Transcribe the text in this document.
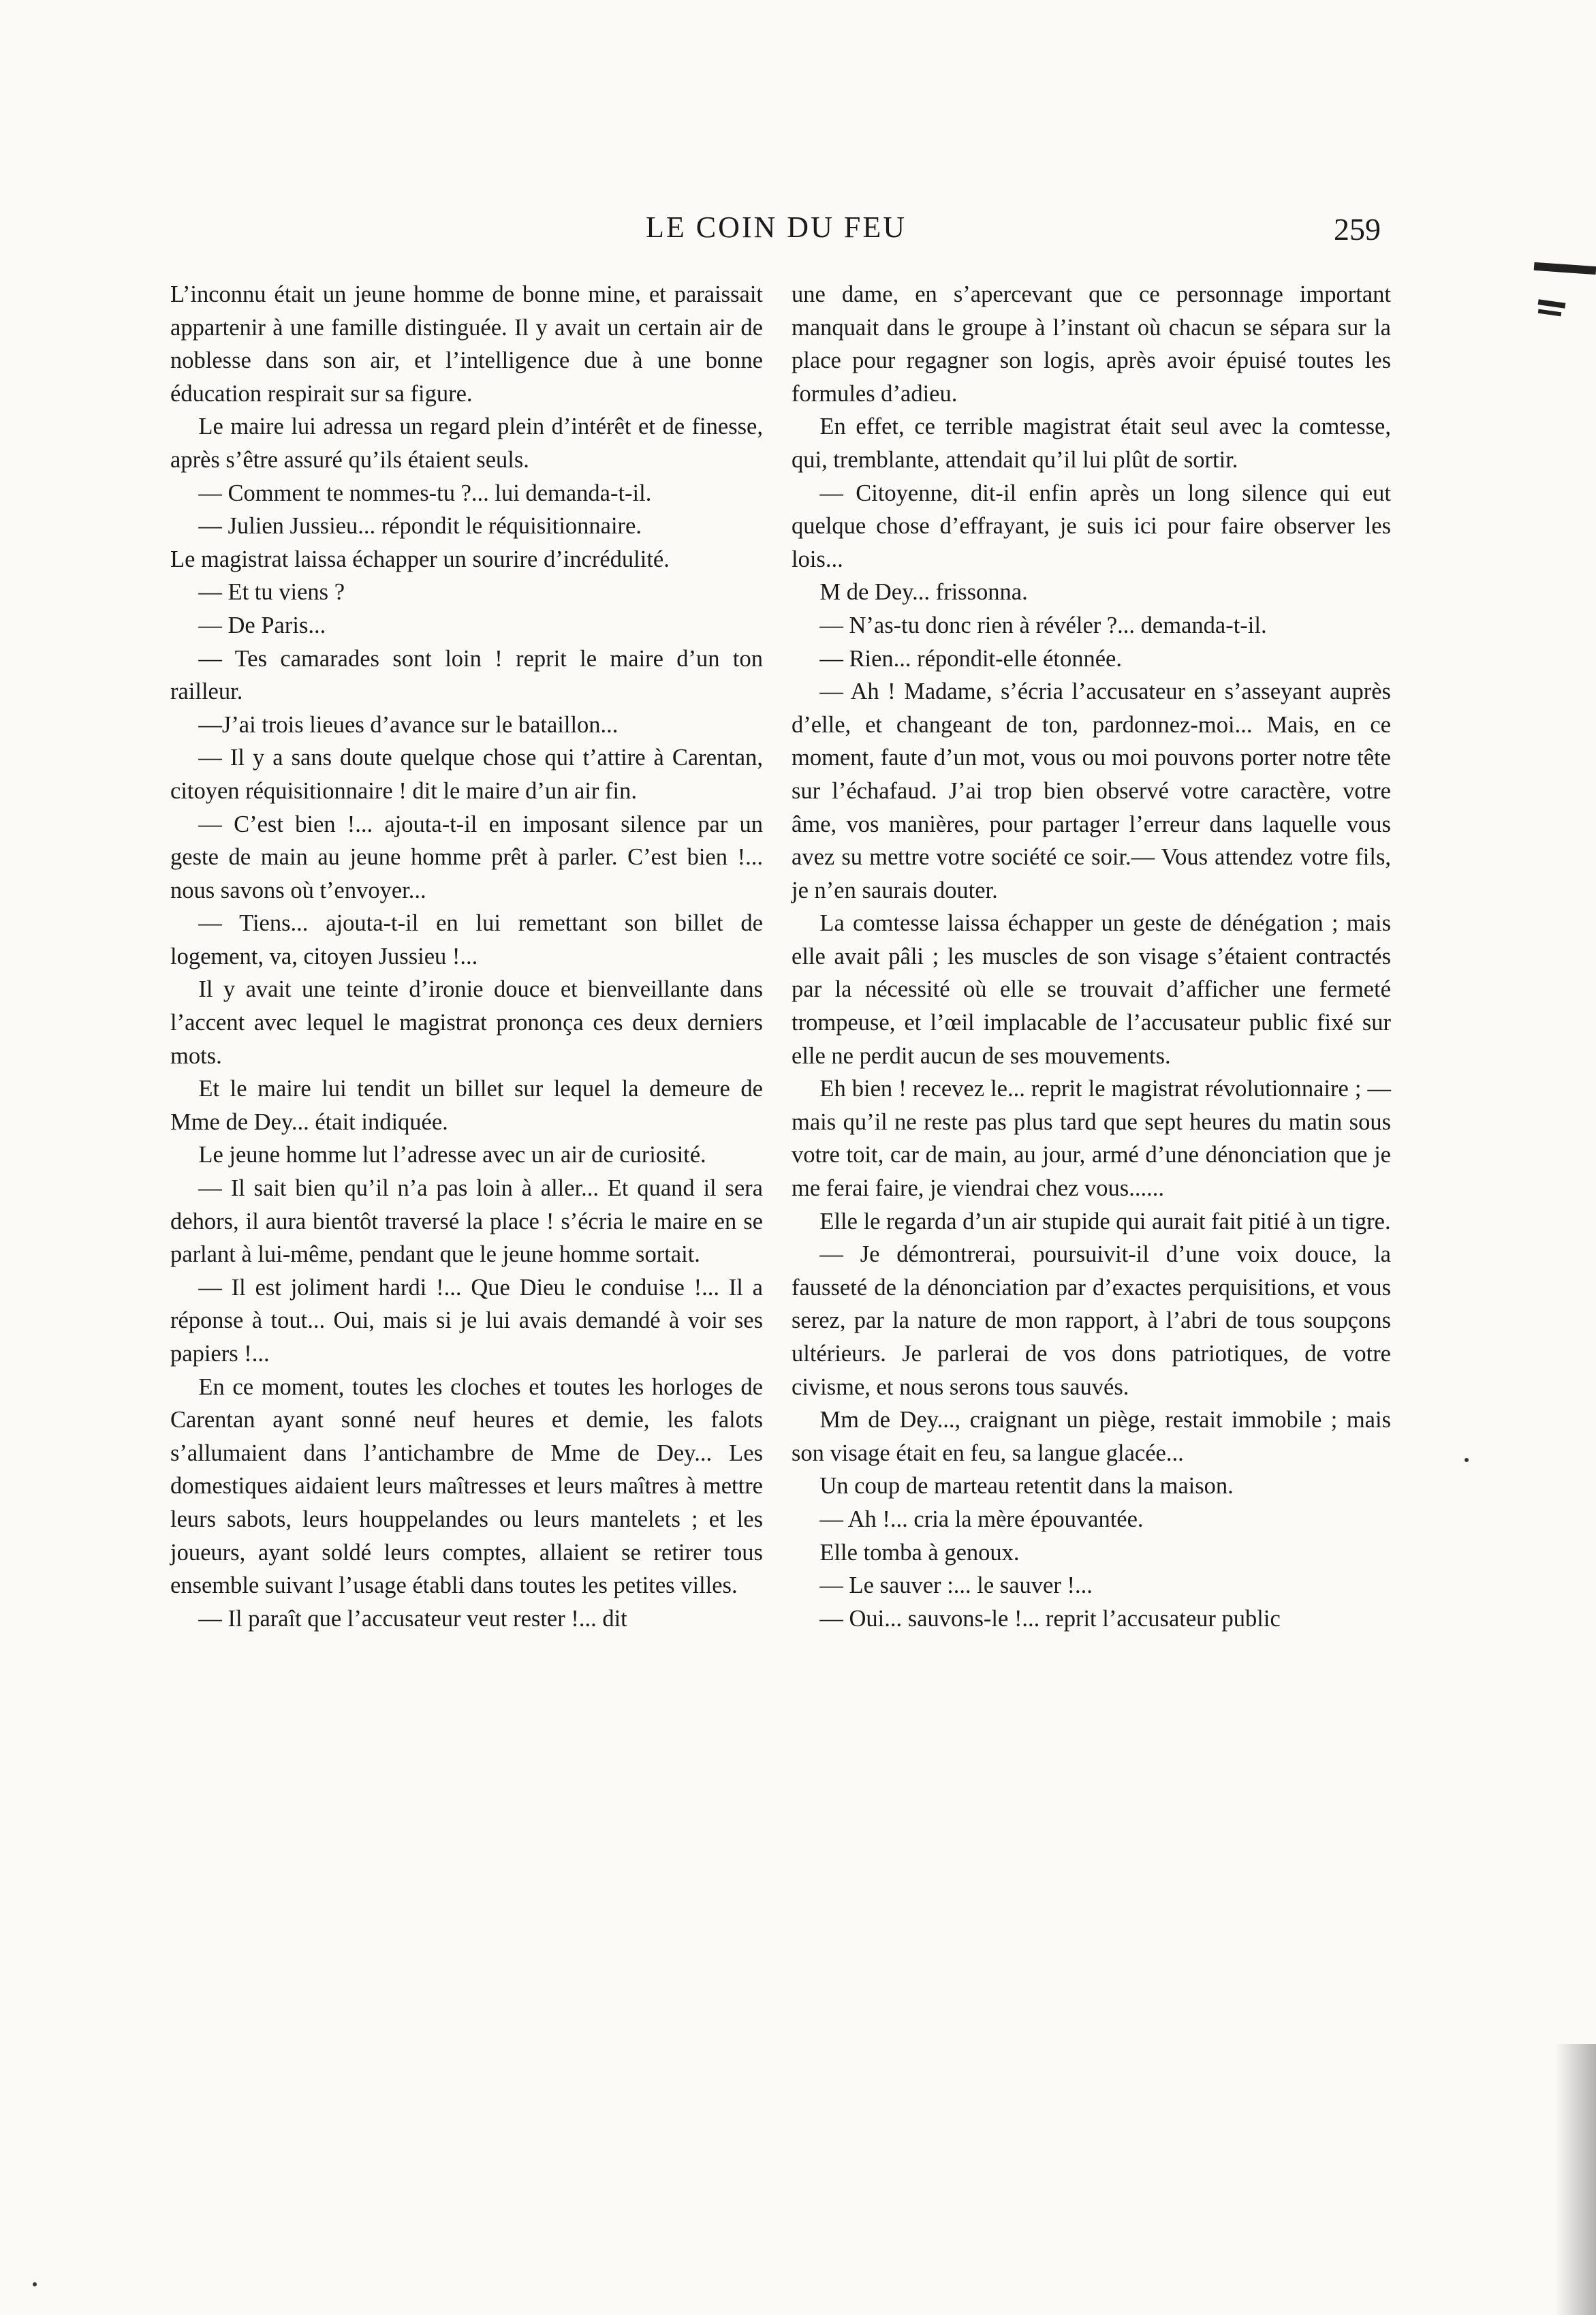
LE COIN DU FEU	259

L’inconnu était un jeune homme de bonne mine, et paraissait appartenir à une famille distinguée. Il y avait un certain air de noblesse dans son air, et l’intelligence due à une bonne éducation respirait sur sa figure.

Le maire lui adressa un regard plein d’intérêt et de finesse, après s’être assuré qu’ils étaient seuls.

— Comment te nommes-tu ?... lui demanda-t-il.

— Julien Jussieu... répondit le réquisitionnaire.

Le magistrat laissa échapper un sourire d’incrédulité.

— Et tu viens ?

— De Paris...

— Tes camarades sont loin ! reprit le maire d’un ton railleur.

—J’ai trois lieues d’avance sur le bataillon...

— Il y a sans doute quelque chose qui t’attire à Carentan, citoyen réquisitionnaire ! dit le maire d’un air fin.

— C’est bien !... ajouta-t-il en imposant silence par un geste de main au jeune homme prêt à parler. C’est bien !... nous savons où t’envoyer...

— Tiens... ajouta-t-il en lui remettant son billet de logement, va, citoyen Jussieu !...

Il y avait une teinte d’ironie douce et bienveillante dans l’accent avec lequel le magistrat prononça ces deux derniers mots.

Et le maire lui tendit un billet sur lequel la demeure de Mme de Dey... était indiquée.

Le jeune homme lut l’adresse avec un air de curiosité.

— Il sait bien qu’il n’a pas loin à aller... Et quand il sera dehors, il aura bientôt traversé la place ! s’écria le maire en se parlant à lui-même, pendant que le jeune homme sortait.

— Il est joliment hardi !... Que Dieu le conduise !... Il a réponse à tout... Oui, mais si je lui avais demandé à voir ses papiers !...

En ce moment, toutes les cloches et toutes les horloges de Carentan ayant sonné neuf heures et demie, les falots s’allumaient dans l’antichambre de Mme de Dey... Les domestiques aidaient leurs maîtresses et leurs maîtres à mettre leurs sabots, leurs houppelandes ou leurs mantelets ; et les joueurs, ayant soldé leurs comptes, allaient se retirer tous ensemble suivant l’usage établi dans toutes les petites villes.

— Il paraît que l’accusateur veut rester !... dit

une dame, en s’apercevant que ce personnage important manquait dans le groupe à l’instant où chacun se sépara sur la place pour regagner son logis, après avoir épuisé toutes les formules d’adieu.

En effet, ce terrible magistrat était seul avec la comtesse, qui, tremblante, attendait qu’il lui plût de sortir.

— Citoyenne, dit-il enfin après un long silence qui eut quelque chose d’effrayant, je suis ici pour faire observer les lois...

M de Dey... frissonna.

— N’as-tu donc rien à révéler ?... demanda-t-il.

— Rien... répondit-elle étonnée.

— Ah ! Madame, s’écria l’accusateur en s’asseyant auprès d’elle, et changeant de ton, pardonnez-moi... Mais, en ce moment, faute d’un mot, vous ou moi pouvons porter notre tête sur l’échafaud. J’ai trop bien observé votre caractère, votre âme, vos manières, pour partager l’erreur dans laquelle vous avez su mettre votre société ce soir.— Vous attendez votre fils, je n’en saurais douter.

La comtesse laissa échapper un geste de dénégation ; mais elle avait pâli ; les muscles de son visage s’étaient contractés par la nécessité où elle se trouvait d’afficher une fermeté trompeuse, et l’œil implacable de l’accusateur public fixé sur elle ne perdit aucun de ses mouvements.

Eh bien ! recevez le... reprit le magistrat révolutionnaire ; — mais qu’il ne reste pas plus tard que sept heures du matin sous votre toit, car de main, au jour, armé d’une dénonciation que je me ferai faire, je viendrai chez vous......

Elle le regarda d’un air stupide qui aurait fait pitié à un tigre.

— Je démontrerai, poursuivit-il d’une voix douce, la fausseté de la dénonciation par d’exactes perquisitions, et vous serez, par la nature de mon rapport, à l’abri de tous soupçons ultérieurs. Je parlerai de vos dons patriotiques, de votre civisme, et nous serons tous sauvés.

Mm de Dey..., craignant un piège, restait immobile ; mais son visage était en feu, sa langue glacée...

Un coup de marteau retentit dans la maison.

— Ah !... cria la mère épouvantée.

Elle tomba à genoux.

— Le sauver :... le sauver !...

— Oui... sauvons-le !... reprit l’accusateur public
